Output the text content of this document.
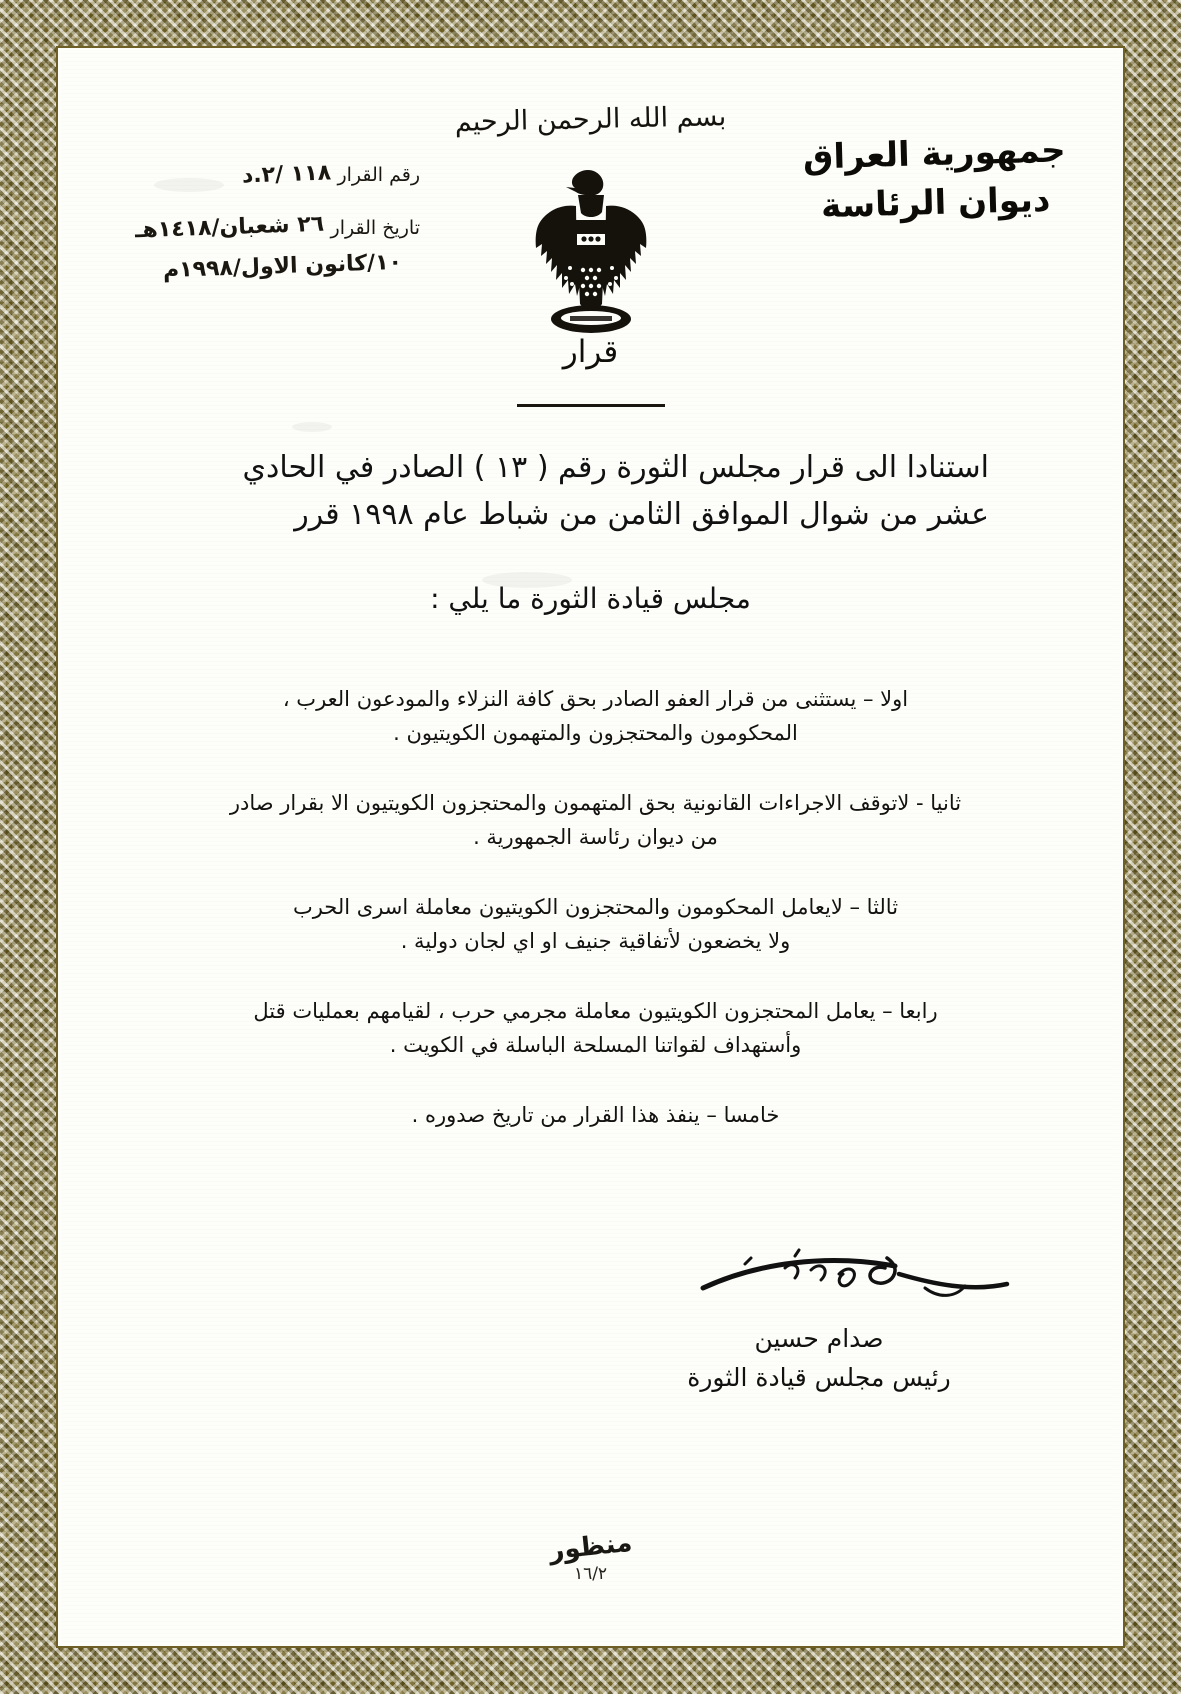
بسم الله الرحمن الرحيم
جمهورية العراق
ديوان الرئاسة
رقم القرار ١١٨ /٢.د
تاريخ القرار ٢٦ شعبان/١٤١٨هـ
١٠/كانون الاول/١٩٩٨م
قرار
استنادا الى قرار مجلس الثورة رقم ( ١٣ ) الصادر في الحادي عشر من شوال الموافق الثامن من شباط عام ١٩٩٨ قرر
مجلس قيادة الثورة ما يلي :
اولا – يستثنى من قرار العفو الصادر بحق كافة النزلاء والمودعون العرب ،
المحكومون والمحتجزون والمتهمون الكويتيون .
ثانيا - لاتوقف الاجراءات القانونية بحق المتهمون والمحتجزون الكويتيون الا بقرار صادر
من ديوان رئاسة الجمهورية .
ثالثا – لايعامل المحكومون والمحتجزون الكويتيون معاملة اسرى الحرب
ولا يخضعون لأتفاقية جنيف او اي لجان دولية .
رابعا – يعامل المحتجزون الكويتيون معاملة مجرمي حرب ، لقيامهم بعمليات قتل
وأستهداف لقواتنا المسلحة الباسلة في الكويت .
خامسا – ينفذ هذا القرار من تاريخ صدوره .
صدام حسين
رئيس مجلس قيادة الثورة
منظور
١٦/٢
